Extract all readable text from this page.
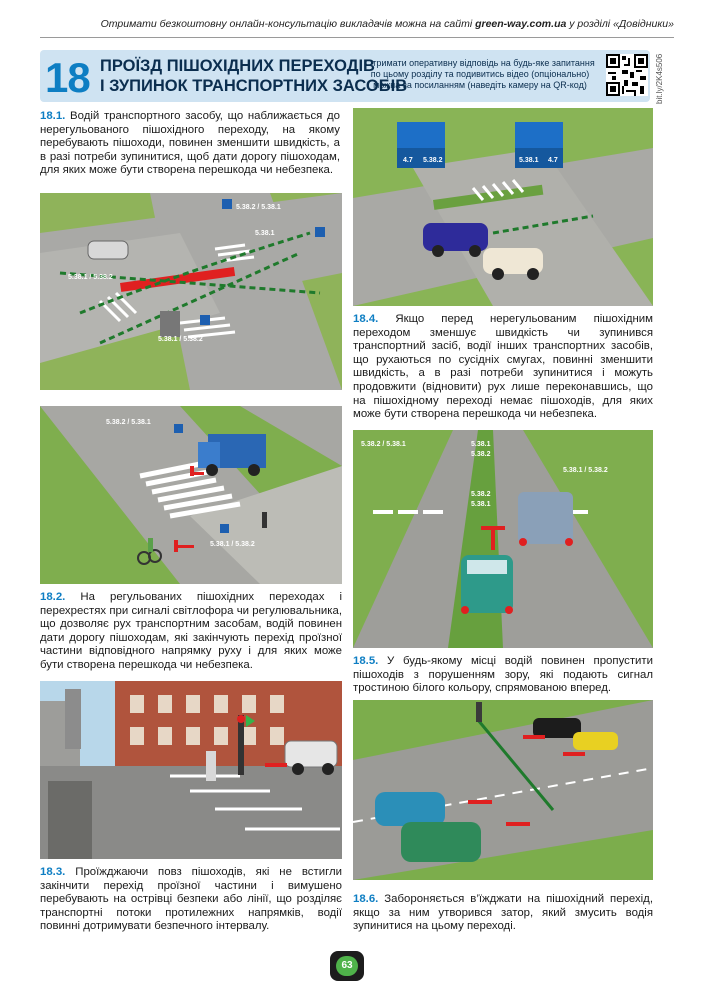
Отримати безкоштовну онлайн-консультацію викладачів можна на сайті green-way.com.ua у розділі «Довідники»
18 ПРОЇЗД ПІШОХІДНИХ ПЕРЕХОДІВ
І ЗУПИНОК ТРАНСПОРТНИХ ЗАСОБІВ
Отримати оперативну відповідь на будь-яке запитання по цьому розділу та подивитись відео (опціональнo) можна за посиланням (наведіть камеру на QR-код)	bit.ly/2K4s506
18.1. Водій транспортного засобу, що наближається до нерегульованого пішохідного переходу, на якому перебувають пішоходи, повинен зменшити швидкість, а в разі потреби зупинитися, щоб дати дорогу пішоходам, для яких може бути створена перешкода чи небезпека.
5.38.2 / 5.38.1
5.38.1
5.38.1 / 5.38.2
5.38.1 / 5.38.2
5.38.2 / 5.38.1
5.38.1 / 5.38.2
18.2. На регульованих пішохідних переходах і перехрестях при сигналі світлофора чи регулювальника, що дозволяє рух транспортним засобам, водій повинен дати дорогу пішоходам, які закінчують перехід проїзної частини відповідного напрямку руху і для яких може бути створена перешкода чи небезпека.
18.3. Проїжджаючи повз пішоходів, які не встигли закінчити перехід проїзної частини і вимушено перебувають на острівці безпеки або лінії, що розділяє транспортні потоки протилежних напрямків, водії повинні дотримувати безпечного інтервалу.
4.7 5.38.2	5.38.1 4.7
18.4. Якщо перед нерегульованим пішохідним переходом зменшує швидкість чи зупинився транспортний засіб, водії інших транспортних засобів, що рухаються по сусідніх смугах, повинні зменшити швидкість, а в разі потреби зупинитися і можуть продовжити (відновити) рух лише переконавшись, що на пішохідному переході немає пішоходів, для яких може бути створена перешкода чи небезпека.
5.38.2 / 5.38.1	5.38.1
5.38.2
5.38.1 / 5.38.2
5.38.2
5.38.1
18.5. У будь-якому місці водій повинен пропустити пішоходів з порушенням зору, які подають сигнал тростиною білого кольору, спрямованою вперед.
18.6. Забороняється в’їжджати на пішохідний перехід, якщо за ним утворився затор, який змусить водія зупинитися на цьому переході.
63
